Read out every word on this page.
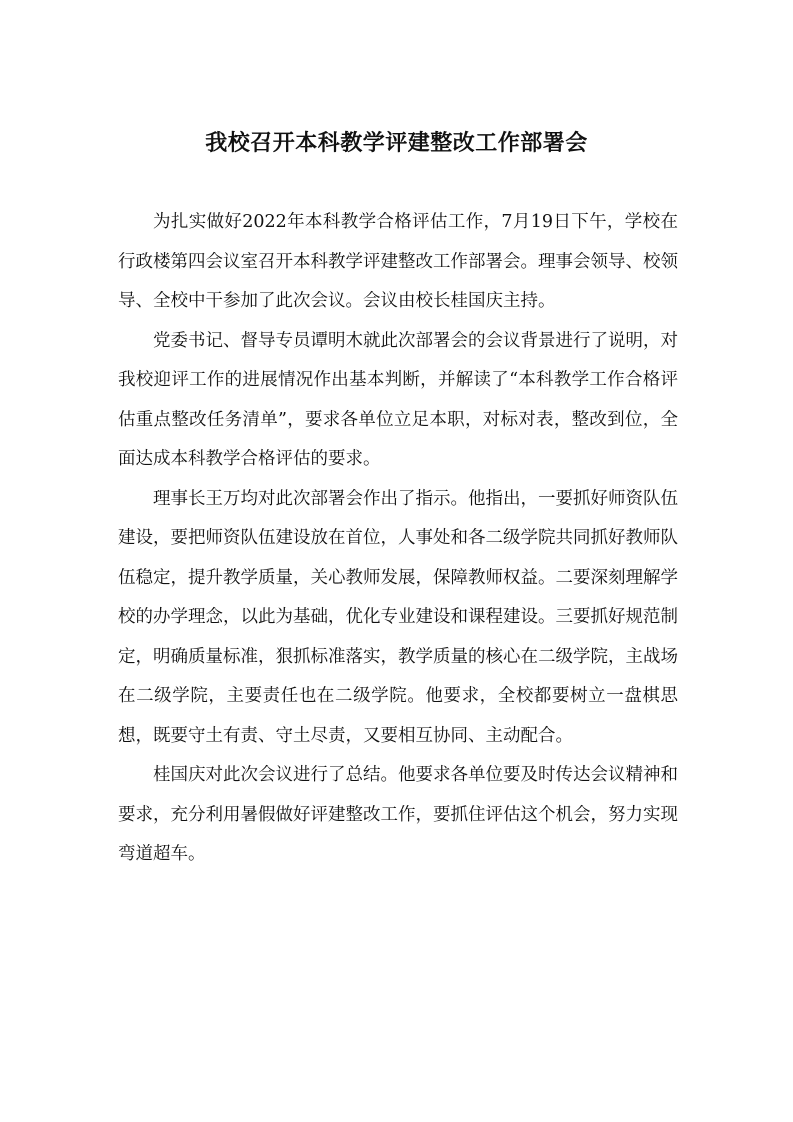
我校召开本科教学评建整改工作部署会

为扎实做好2022年本科教学合格评估工作，7月19日下午，学校在行政楼第四会议室召开本科教学评建整改工作部署会。理事会领导、校领导、全校中干参加了此次会议。会议由校长桂国庆主持。

党委书记、督导专员谭明木就此次部署会的会议背景进行了说明，对我校迎评工作的进展情况作出基本判断，并解读了“本科教学工作合格评估重点整改任务清单”，要求各单位立足本职，对标对表，整改到位，全面达成本科教学合格评估的要求。

理事长王万均对此次部署会作出了指示。他指出，一要抓好师资队伍建设，要把师资队伍建设放在首位，人事处和各二级学院共同抓好教师队伍稳定，提升教学质量，关心教师发展，保障教师权益。二要深刻理解学校的办学理念，以此为基础，优化专业建设和课程建设。三要抓好规范制定，明确质量标准，狠抓标准落实，教学质量的核心在二级学院，主战场在二级学院，主要责任也在二级学院。他要求，全校都要树立一盘棋思想，既要守土有责、守土尽责，又要相互协同、主动配合。

桂国庆对此次会议进行了总结。他要求各单位要及时传达会议精神和要求，充分利用暑假做好评建整改工作，要抓住评估这个机会，努力实现弯道超车。
